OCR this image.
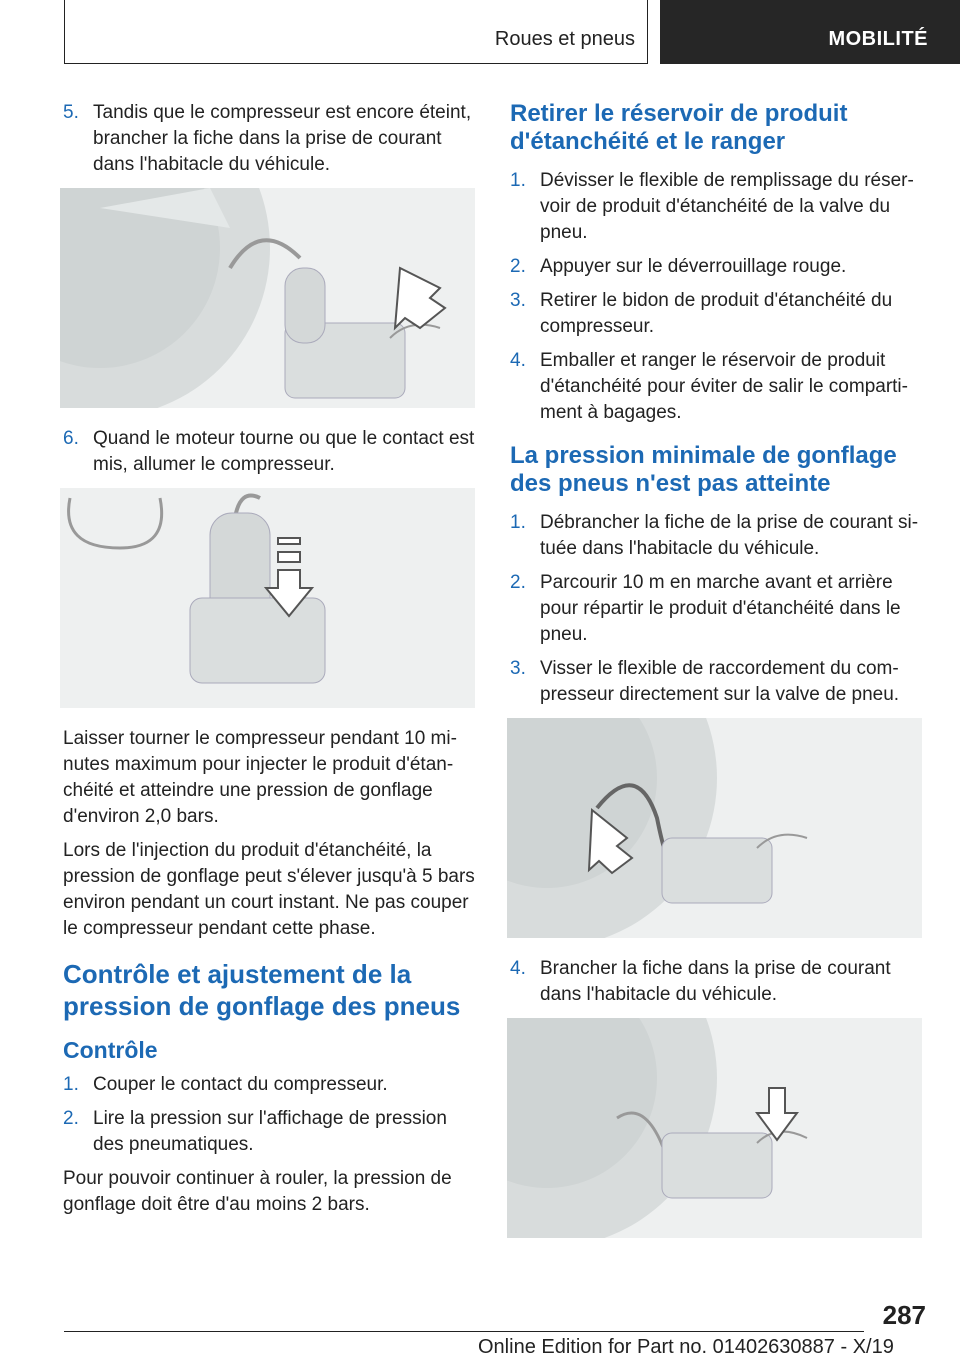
Roues et pneus	MOBILITÉ
5. Tandis que le compresseur est encore éteint, brancher la fiche dans la prise de courant dans l'habitacle du véhicule.
6. Quand le moteur tourne ou que le contact est mis, allumer le compresseur.

Laisser tourner le compresseur pendant 10 minutes maximum pour injecter le produit d'étanchéité et atteindre une pression de gonflage d'environ 2,0 bars.

Lors de l'injection du produit d'étanchéité, la pression de gonflage peut s'élever jusqu'à 5 bars environ pendant un court instant. Ne pas couper le compresseur pendant cette phase.

Contrôle et ajustement de la pression de gonflage des pneus
Contrôle
1. Couper le contact du compresseur.
2. Lire la pression sur l'affichage de pression des pneumatiques.

Pour pouvoir continuer à rouler, la pression de gonflage doit être d'au moins 2 bars.

Retirer le réservoir de produit d'étanchéité et le ranger
1. Dévisser le flexible de remplissage du réservoir de produit d'étanchéité de la valve du pneu.
2. Appuyer sur le déverrouillage rouge.
3. Retirer le bidon de produit d'étanchéité du compresseur.
4. Emballer et ranger le réservoir de produit d'étanchéité pour éviter de salir le compartiment à bagages.
La pression minimale de gonflage des pneus n'est pas atteinte
1. Débrancher la fiche de la prise de courant située dans l'habitacle du véhicule.
2. Parcourir 10 m en marche avant et arrière pour répartir le produit d'étanchéité dans le pneu.
3. Visser le flexible de raccordement du compresseur directement sur la valve de pneu.
4. Brancher la fiche dans la prise de courant dans l'habitacle du véhicule.
287
Online Edition for Part no. 01402630887 - X/19
